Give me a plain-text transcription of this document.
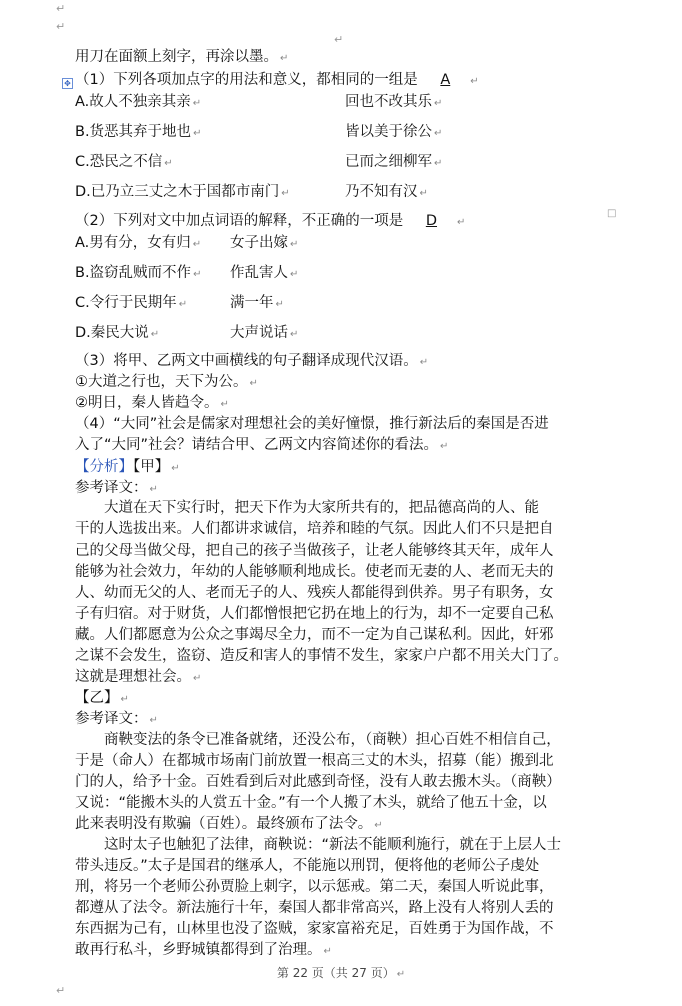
↵
↵
↵
✥
□
用刀在面额上刻字，再涂以墨。 ↵
（1）下列各项加点字的用法和意义，都相同的一组是 A ↵
A.故人不独亲其亲 ↵	回也不改其乐 ↵
B.货恶其弃于地也 ↵	皆以美于徐公 ↵
C.恐民之不信 ↵	已而之细柳军 ↵
D.已乃立三丈之木于国都市南门 ↵	乃不知有汉 ↵
（2）下列对文中加点词语的解释，不正确的一项是 D ↵
A.男有分，女有归 ↵ 女子出嫁 ↵
B.盗窃乱贼而不作 ↵ 作乱害人 ↵
C.令行于民期年 ↵	满一年 ↵
D.秦民大说 ↵	大声说话 ↵
（3）将甲、乙两文中画横线的句子翻译成现代汉语。 ↵
①大道之行也，天下为公。 ↵
②明日，秦人皆趋令。 ↵
（4）“大同”社会是儒家对理想社会的美好憧憬，推行新法后的秦国是否进
入了“大同”社会？请结合甲、乙两文内容简述你的看法。 ↵
【分析】【甲】 ↵
参考译文： ↵
大道在天下实行时，把天下作为大家所共有的，把品德高尚的人、能
干的人选拔出来。人们都讲求诚信，培养和睦的气氛。因此人们不只是把自
己的父母当做父母，把自己的孩子当做孩子，让老人能够终其天年，成年人
能够为社会效力，年幼的人能够顺利地成长。使老而无妻的人、老而无夫的
人、幼而无父的人、老而无子的人、残疾人都能得到供养。男子有职务，女
子有归宿。对于财货，人们都憎恨把它扔在地上的行为，却不一定要自己私
藏。人们都愿意为公众之事竭尽全力，而不一定为自己谋私利。因此，奸邪
之谋不会发生，盗窃、造反和害人的事情不发生，家家户户都不用关大门了。
这就是理想社会。 ↵
【乙】 ↵
参考译文： ↵
商鞅变法的条令已准备就绪，还没公布，（商鞅）担心百姓不相信自己，
于是（命人）在都城市场南门前放置一根高三丈的木头，招募（能）搬到北
门的人，给予十金。百姓看到后对此感到奇怪，没有人敢去搬木头。（商鞅）
又说：“能搬木头的人赏五十金。”有一个人搬了木头，就给了他五十金，以
此来表明没有欺骗（百姓）。最终颁布了法令。 ↵
这时太子也触犯了法律，商鞅说：“新法不能顺利施行，就在于上层人士
带头违反。”太子是国君的继承人，不能施以刑罚，便将他的老师公子虔处
刑，将另一个老师公孙贾脸上刺字，以示惩戒。第二天，秦国人听说此事，
都遵从了法令。新法施行十年，秦国人都非常高兴，路上没有人将别人丢的
东西据为己有，山林里也没了盗贼，家家富裕充足，百姓勇于为国作战，不
敢再行私斗，乡野城镇都得到了治理。 ↵
第 22 页（共 27 页） ↵
↵
